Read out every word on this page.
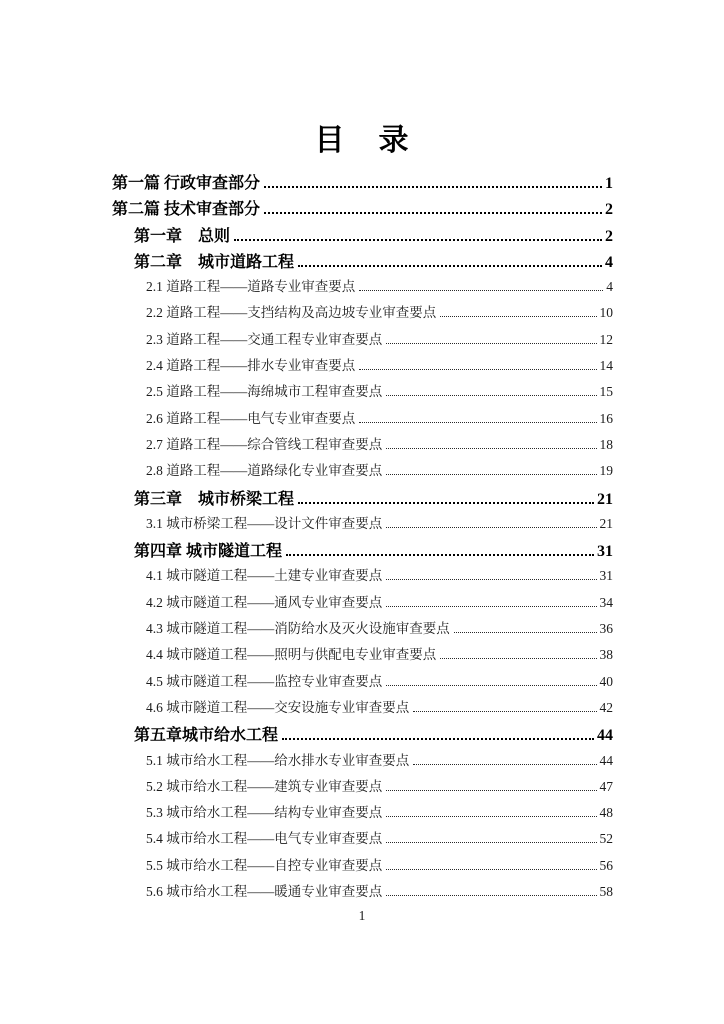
目　录
第一篇 行政审查部分	1
第二篇 技术审查部分	2
第一章　总则	2
第二章　城市道路工程	4
2.1 道路工程——道路专业审查要点	4
2.2 道路工程——支挡结构及高边坡专业审查要点	10
2.3 道路工程——交通工程专业审查要点	12
2.4 道路工程——排水专业审查要点	14
2.5 道路工程——海绵城市工程审查要点	15
2.6 道路工程——电气专业审查要点	16
2.7 道路工程——综合管线工程审查要点	18
2.8 道路工程——道路绿化专业审查要点	19
第三章　城市桥梁工程	21
3.1 城市桥梁工程——设计文件审查要点	21
第四章 城市隧道工程	31
4.1 城市隧道工程——土建专业审查要点	31
4.2 城市隧道工程——通风专业审查要点	34
4.3 城市隧道工程——消防给水及灭火设施审查要点	36
4.4 城市隧道工程——照明与供配电专业审查要点	38
4.5 城市隧道工程——监控专业审查要点	40
4.6 城市隧道工程——交安设施专业审查要点	42
第五章城市给水工程	44
5.1 城市给水工程——给水排水专业审查要点	44
5.2 城市给水工程——建筑专业审查要点	47
5.3 城市给水工程——结构专业审查要点	48
5.4 城市给水工程——电气专业审查要点	52
5.5 城市给水工程——自控专业审查要点	56
5.6 城市给水工程——暖通专业审查要点	58
1
